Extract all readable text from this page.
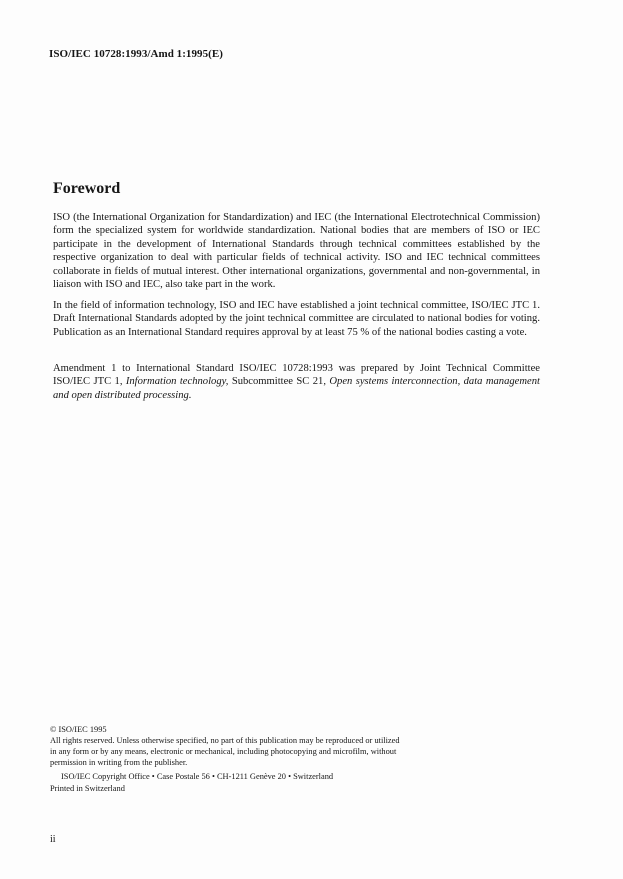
ISO/IEC 10728:1993/Amd 1:1995(E)
Foreword

ISO (the International Organization for Standardization) and IEC (the International Electrotechnical Commission) form the specialized system for worldwide standardization. National bodies that are members of ISO or IEC participate in the development of International Standards through technical committees established by the respective organization to deal with particular fields of technical activity. ISO and IEC technical committees collaborate in fields of mutual interest. Other international organizations, governmental and non-governmental, in liaison with ISO and IEC, also take part in the work.

In the field of information technology, ISO and IEC have established a joint technical committee, ISO/IEC JTC 1. Draft International Standards adopted by the joint technical committee are circulated to national bodies for voting. Publication as an International Standard requires approval by at least 75 % of the national bodies casting a vote.

Amendment 1 to International Standard ISO/IEC 10728:1993 was prepared by Joint Technical Committee ISO/IEC JTC 1, Information technology, Subcommittee SC 21, Open systems interconnection, data management and open distributed processing.

© ISO/IEC 1995
All rights reserved. Unless otherwise specified, no part of this publication may be reproduced or utilized in any form or by any means, electronic or mechanical, including photocopying and microfilm, without permission in writing from the publisher.
ISO/IEC Copyright Office • Case Postale 56 • CH-1211 Genève 20 • Switzerland
Printed in Switzerland
ii
